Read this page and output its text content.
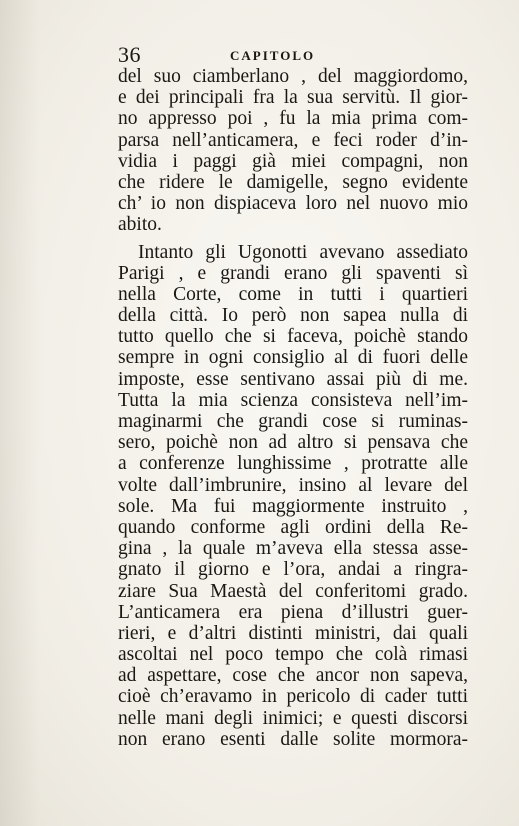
36	CAPITOLO
del suo ciamberlano , del maggiordomo,
e dei principali fra la sua servitù. Il gior-
no appresso poi , fu la mia prima com-
parsa nell’anticamera, e feci roder d’in-
vidia i paggi già miei compagni, non
che ridere le damigelle, segno evidente
ch’ io non dispiaceva loro nel nuovo mio
abito.
Intanto gli Ugonotti avevano assediato
Parigi , e grandi erano gli spaventi sì
nella Corte, come in tutti i quartieri
della città. Io però non sapea nulla di
tutto quello che si faceva, poichè stando
sempre in ogni consiglio al di fuori delle
imposte, esse sentivano assai più di me.
Tutta la mia scienza consisteva nell’im-
maginarmi che grandi cose si ruminas-
sero, poichè non ad altro si pensava che
a conferenze lunghissime , protratte alle
volte dall’imbrunire, insino al levare del
sole. Ma fui maggiormente instruito ,
quando conforme agli ordini della Re-
gina , la quale m’aveva ella stessa asse-
gnato il giorno e l’ora, andai a ringra-
ziare Sua Maestà del conferitomi grado.
L’anticamera era piena d’illustri guer-
rieri, e d’altri distinti ministri, dai quali
ascoltai nel poco tempo che colà rimasi
ad aspettare, cose che ancor non sapeva,
cioè ch’eravamo in pericolo di cader tutti
nelle mani degli inimici; e questi discorsi
non erano esenti dalle solite mormora-
